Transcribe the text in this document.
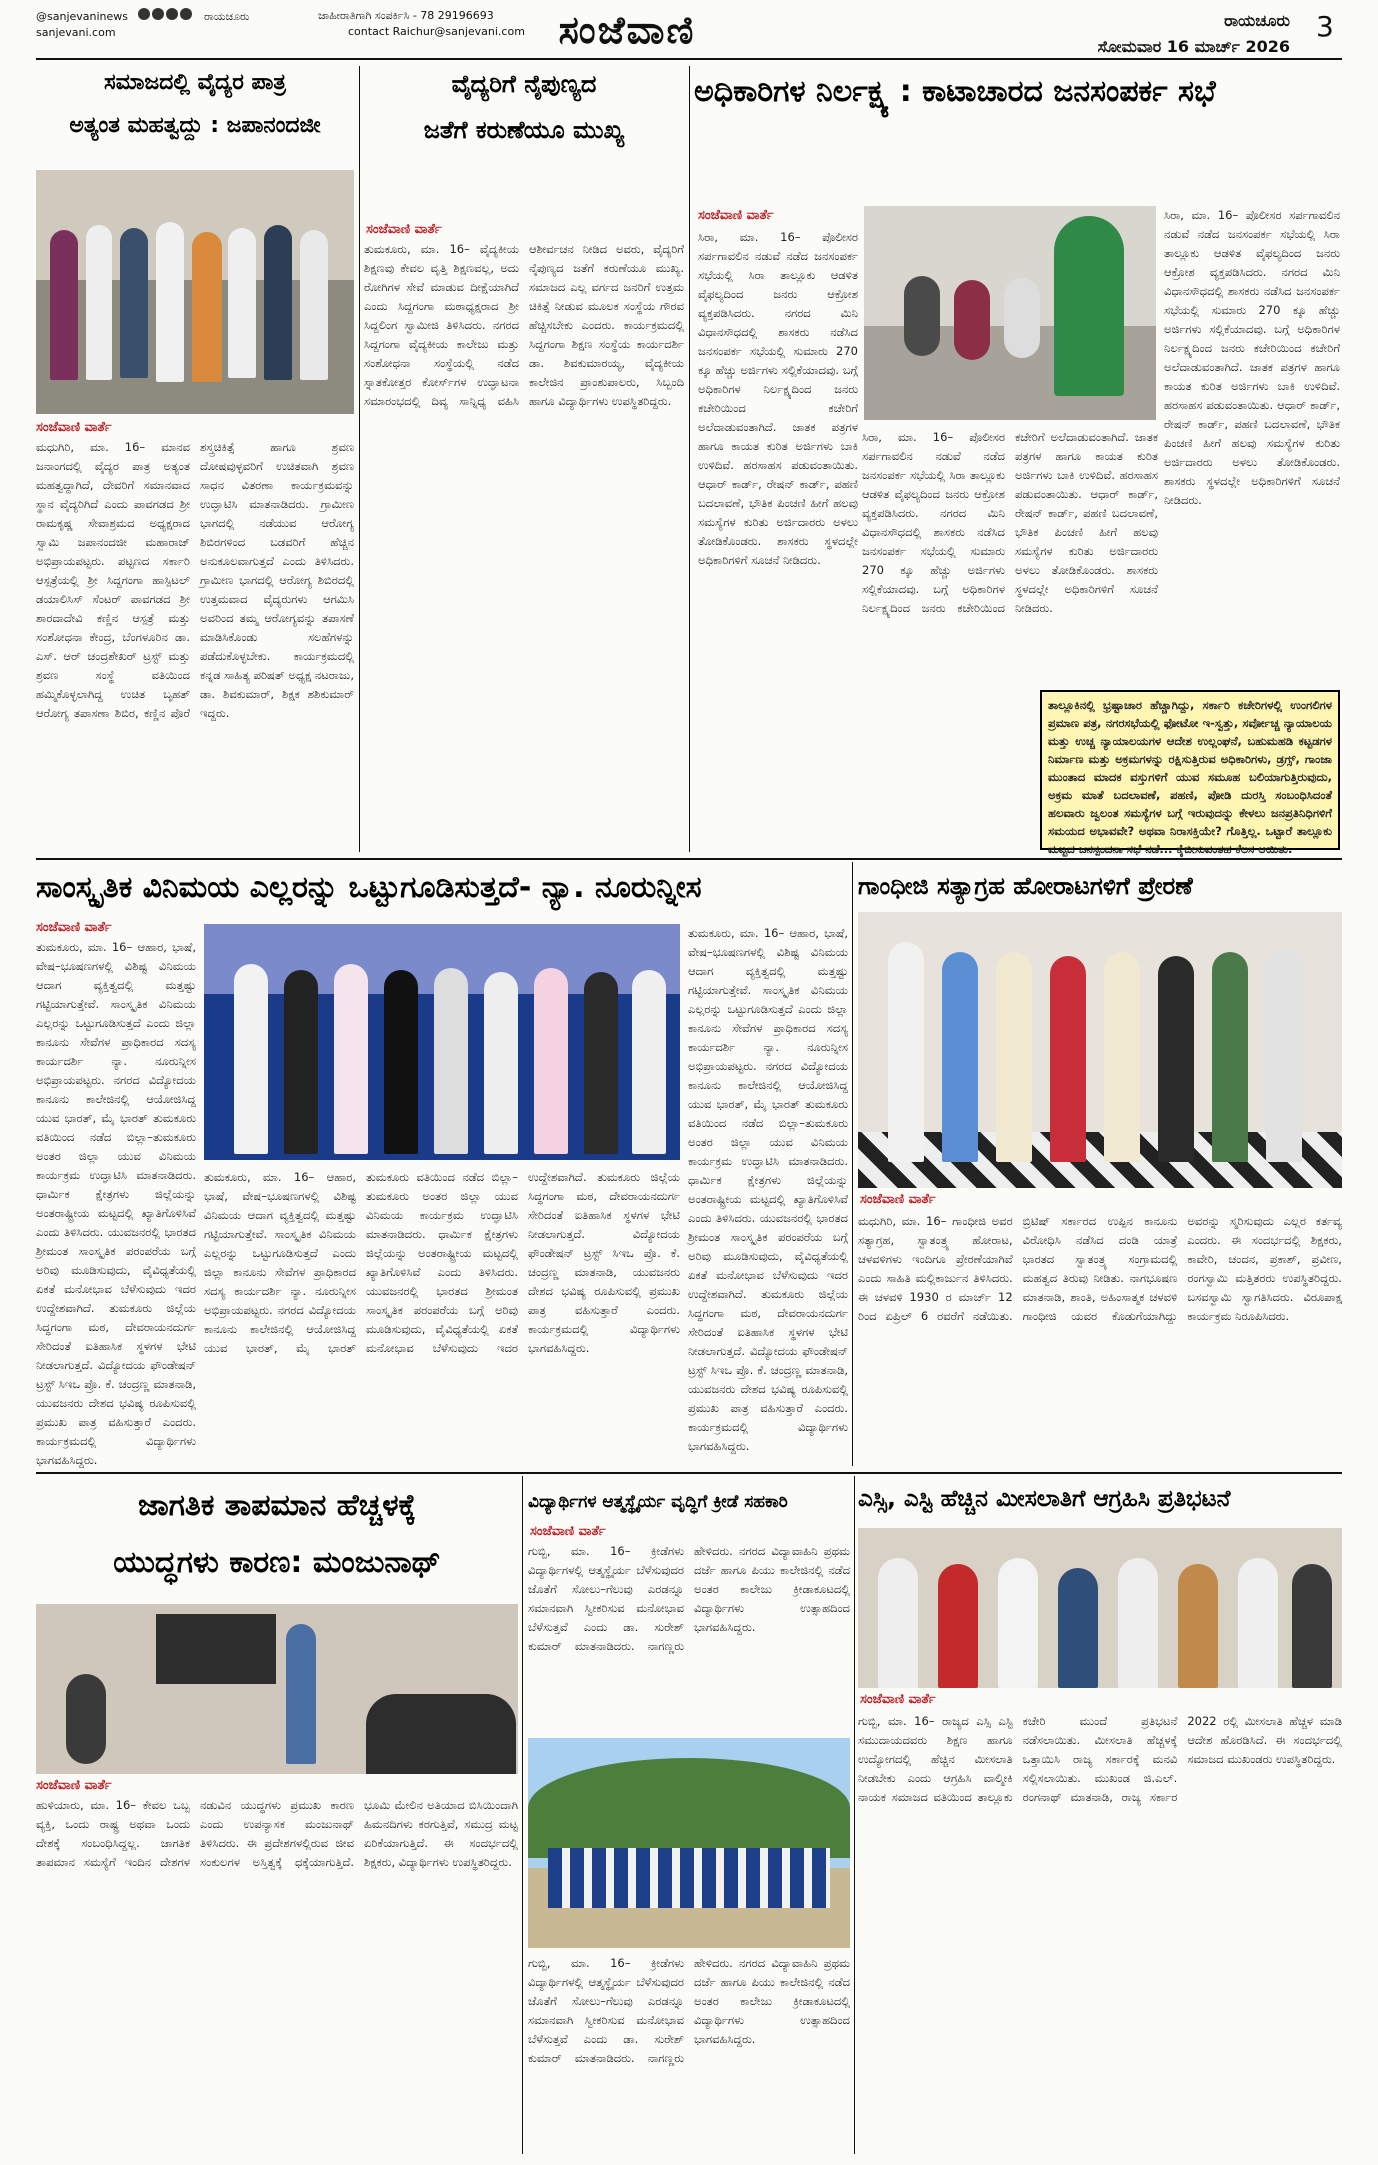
@sanjevaninews	ರಾಯಚೂರು
sanjevani.com
ಜಾಹೀರಾತಿಗಾಗಿ ಸಂಪರ್ಕಿಸಿ - 78 29196693
contact Raichur@sanjevani.com ಸಂಜೆವಾಣಿ	ರಾಯಚೂರು
ಸೋಮವಾರ 16 ಮಾರ್ಚ್ 2026
3
ಸಮಾಜದಲ್ಲಿ ವೈದ್ಯರ ಪಾತ್ರ
ಅತ್ಯಂತ ಮಹತ್ವದ್ದು : ಜಪಾನಂದಜೀ
ಸಂಜೆವಾಣಿ ವಾರ್ತೆ
ಮಧುಗಿರಿ, ಮಾ. 16– ಮಾನವ ಜನಾಂಗದಲ್ಲಿ ವೈದ್ಯರ ಪಾತ್ರ ಅತ್ಯಂತ ಮಹತ್ವದ್ದಾಗಿದೆ, ದೇವರಿಗೆ ಸಮಾನವಾದ ಸ್ಥಾನ ವೈದ್ಯರಿಗಿದೆ ಎಂದು ಪಾವಗಡದ ಶ್ರೀ ರಾಮಕೃಷ್ಣ ಸೇವಾಶ್ರಮದ ಅಧ್ಯಕ್ಷರಾದ ಸ್ವಾಮಿ ಜಪಾನಂದಜೀ ಮಹಾರಾಜ್ ಅಭಿಪ್ರಾಯಪಟ್ಟರು. ಪಟ್ಟಣದ ಸರ್ಕಾರಿ ಆಸ್ಪತ್ರೆಯಲ್ಲಿ ಶ್ರೀ ಸಿದ್ದಗಂಗಾ ಹಾಸ್ಪಿಟಲ್ ಡಯಾಲಿಸಿಸ್ ಸೆಂಟರ್ ಪಾವಗಡದ ಶ್ರೀ ಶಾರದಾದೇವಿ ಕಣ್ಣಿನ ಆಸ್ಪತ್ರೆ ಮತ್ತು ಸಂಶೋಧನಾ ಕೇಂದ್ರ, ಬೆಂಗಳೂರಿನ ಡಾ. ಎಸ್. ಆರ್ ಚಂದ್ರಶೇಖರ್ ಟ್ರಸ್ಟ್ ಮತ್ತು ಶ್ರವಣ ಸಂಸ್ಥೆ ವತಿಯಿಂದ ಹಮ್ಮಿಕೊಳ್ಳಲಾಗಿದ್ದ ಉಚಿತ ಬೃಹತ್ ಆರೋಗ್ಯ ತಪಾಸಣಾ ಶಿಬಿರ, ಕಣ್ಣಿನ ಪೊರೆ ಶಸ್ತ್ರಚಿಕಿತ್ಸೆ ಹಾಗೂ ಶ್ರವಣ ದೋಷವುಳ್ಳವರಿಗೆ ಉಚಿತವಾಗಿ ಶ್ರವಣ ಸಾಧನ ವಿತರಣಾ ಕಾರ್ಯಕ್ರಮವನ್ನು ಉದ್ಘಾಟಿಸಿ ಮಾತನಾಡಿದರು. ಗ್ರಾಮೀಣ ಭಾಗದಲ್ಲಿ ನಡೆಯುವ ಆರೋಗ್ಯ ಶಿಬಿರಗಳಿಂದ ಬಡವರಿಗೆ ಹೆಚ್ಚಿನ ಅನುಕೂಲವಾಗುತ್ತದೆ ಎಂದು ತಿಳಿಸಿದರು. ಗ್ರಾಮೀಣ ಭಾಗದಲ್ಲಿ ಆರೋಗ್ಯ ಶಿಬಿರದಲ್ಲಿ ಉತ್ತಮವಾದ ವೈದ್ಯರುಗಳು ಆಗಮಿಸಿ ಅವರಿಂದ ತಮ್ಮ ಆರೋಗ್ಯವನ್ನು ತಪಾಸಣೆ ಮಾಡಿಸಿಕೊಂಡು ಸಲಹೆಗಳನ್ನು ಪಡೆದುಕೊಳ್ಳಬೇಕು. ಕಾರ್ಯಕ್ರಮದಲ್ಲಿ ಕನ್ನಡ ಸಾಹಿತ್ಯ ಪರಿಷತ್ ಅಧ್ಯಕ್ಷ ನಟರಾಜು, ಡಾ. ಶಿವಕುಮಾರ್, ಶಿಕ್ಷಕ ಶಶಿಕುಮಾರ್ ಇದ್ದರು.
ವೈದ್ಯರಿಗೆ ನೈಪುಣ್ಯದ
ಜತೆಗೆ ಕರುಣೆಯೂ ಮುಖ್ಯ
ಸಂಜೆವಾಣಿ ವಾರ್ತೆ
ತುಮಕೂರು, ಮಾ. 16– ವೈದ್ಯಕೀಯ ಶಿಕ್ಷಣವು ಕೇವಲ ವೃತ್ತಿ ಶಿಕ್ಷಣವಲ್ಲ, ಅದು ರೋಗಿಗಳ ಸೇವೆ ಮಾಡುವ ದೀಕ್ಷೆಯಾಗಿದೆ ಎಂದು ಸಿದ್ದಗಂಗಾ ಮಠಾಧ್ಯಕ್ಷರಾದ ಶ್ರೀ ಸಿದ್ದಲಿಂಗ ಸ್ವಾಮೀಜಿ ತಿಳಿಸಿದರು. ನಗರದ ಸಿದ್ದಗಂಗಾ ವೈದ್ಯಕೀಯ ಕಾಲೇಜು ಮತ್ತು ಸಂಶೋಧನಾ ಸಂಸ್ಥೆಯಲ್ಲಿ ನಡೆದ ಸ್ನಾತಕೋತ್ತರ ಕೋರ್ಸ್‌ಗಳ ಉದ್ಘಾಟನಾ ಸಮಾರಂಭದಲ್ಲಿ ದಿವ್ಯ ಸಾನ್ನಿಧ್ಯ ವಹಿಸಿ ಆಶೀರ್ವಚನ ನೀಡಿದ ಅವರು, ವೈದ್ಯರಿಗೆ ನೈಪುಣ್ಯದ ಜತೆಗೆ ಕರುಣೆಯೂ ಮುಖ್ಯ. ಸಮಾಜದ ಎಲ್ಲ ವರ್ಗದ ಜನರಿಗೆ ಉತ್ತಮ ಚಿಕಿತ್ಸೆ ನೀಡುವ ಮೂಲಕ ಸಂಸ್ಥೆಯ ಗೌರವ ಹೆಚ್ಚಿಸಬೇಕು ಎಂದರು. ಕಾರ್ಯಕ್ರಮದಲ್ಲಿ ಸಿದ್ದಗಂಗಾ ಶಿಕ್ಷಣ ಸಂಸ್ಥೆಯ ಕಾರ್ಯದರ್ಶಿ ಡಾ. ಶಿವಕುಮಾರಯ್ಯ, ವೈದ್ಯಕೀಯ ಕಾಲೇಜಿನ ಪ್ರಾಂಶುಪಾಲರು, ಸಿಬ್ಬಂದಿ ಹಾಗೂ ವಿದ್ಯಾರ್ಥಿಗಳು ಉಪಸ್ಥಿತರಿದ್ದರು.
ಅಧಿಕಾರಿಗಳ ನಿರ್ಲಕ್ಷ್ಯ : ಕಾಟಾಚಾರದ ಜನಸಂಪರ್ಕ ಸಭೆ
ಸಂಜೆವಾಣಿ ವಾರ್ತೆ
ಸಿರಾ, ಮಾ. 16– ಪೊಲೀಸರ ಸರ್ಪಗಾವಲಿನ ನಡುವೆ ನಡೆದ ಜನಸಂಪರ್ಕ ಸಭೆಯಲ್ಲಿ ಸಿರಾ ತಾಲ್ಲೂಕು ಆಡಳಿತ ವೈಫಲ್ಯದಿಂದ ಜನರು ಆಕ್ರೋಶ ವ್ಯಕ್ತಪಡಿಸಿದರು. ನಗರದ ಮಿನಿ ವಿಧಾನಸೌಧದಲ್ಲಿ ಶಾಸಕರು ನಡೆಸಿದ ಜನಸಂಪರ್ಕ ಸಭೆಯಲ್ಲಿ ಸುಮಾರು 270 ಕ್ಕೂ ಹೆಚ್ಚು ಅರ್ಜಿಗಳು ಸಲ್ಲಿಕೆಯಾದವು. ಬಗ್ಗೆ ಅಧಿಕಾರಿಗಳ ನಿರ್ಲಕ್ಷ್ಯದಿಂದ ಜನರು ಕಚೇರಿಯಿಂದ ಕಚೇರಿಗೆ ಅಲೆದಾಡುವಂತಾಗಿದೆ. ಜಾತಕ ಪತ್ರಗಳ ಹಾಗೂ ಕಾಯತ ಕುರಿತ ಅರ್ಜಿಗಳು ಬಾಕಿ ಉಳಿದಿವೆ. ಹರಸಾಹಸ ಪಡುವಂತಾಯಿತು. ಆಧಾರ್ ಕಾರ್ಡ್, ರೇಷನ್ ಕಾರ್ಡ್, ಪಹಣಿ ಬದಲಾವಣೆ, ಭೌತಿಕ ಪಿಂಚಣಿ ಹೀಗೆ ಹಲವು ಸಮಸ್ಯೆಗಳ ಕುರಿತು ಅರ್ಜಿದಾರರು ಅಳಲು ತೋಡಿಕೊಂಡರು. ಶಾಸಕರು ಸ್ಥಳದಲ್ಲೇ ಅಧಿಕಾರಿಗಳಿಗೆ ಸೂಚನೆ ನೀಡಿದರು.
ಸಿರಾ, ಮಾ. 16– ಪೊಲೀಸರ ಸರ್ಪಗಾವಲಿನ ನಡುವೆ ನಡೆದ ಜನಸಂಪರ್ಕ ಸಭೆಯಲ್ಲಿ ಸಿರಾ ತಾಲ್ಲೂಕು ಆಡಳಿತ ವೈಫಲ್ಯದಿಂದ ಜನರು ಆಕ್ರೋಶ ವ್ಯಕ್ತಪಡಿಸಿದರು. ನಗರದ ಮಿನಿ ವಿಧಾನಸೌಧದಲ್ಲಿ ಶಾಸಕರು ನಡೆಸಿದ ಜನಸಂಪರ್ಕ ಸಭೆಯಲ್ಲಿ ಸುಮಾರು 270 ಕ್ಕೂ ಹೆಚ್ಚು ಅರ್ಜಿಗಳು ಸಲ್ಲಿಕೆಯಾದವು. ಬಗ್ಗೆ ಅಧಿಕಾರಿಗಳ ನಿರ್ಲಕ್ಷ್ಯದಿಂದ ಜನರು ಕಚೇರಿಯಿಂದ ಕಚೇರಿಗೆ ಅಲೆದಾಡುವಂತಾಗಿದೆ. ಜಾತಕ ಪತ್ರಗಳ ಹಾಗೂ ಕಾಯತ ಕುರಿತ ಅರ್ಜಿಗಳು ಬಾಕಿ ಉಳಿದಿವೆ. ಹರಸಾಹಸ ಪಡುವಂತಾಯಿತು. ಆಧಾರ್ ಕಾರ್ಡ್, ರೇಷನ್ ಕಾರ್ಡ್, ಪಹಣಿ ಬದಲಾವಣೆ, ಭೌತಿಕ ಪಿಂಚಣಿ ಹೀಗೆ ಹಲವು ಸಮಸ್ಯೆಗಳ ಕುರಿತು ಅರ್ಜಿದಾರರು ಅಳಲು ತೋಡಿಕೊಂಡರು. ಶಾಸಕರು ಸ್ಥಳದಲ್ಲೇ ಅಧಿಕಾರಿಗಳಿಗೆ ಸೂಚನೆ ನೀಡಿದರು.
ಸಿರಾ, ಮಾ. 16– ಪೊಲೀಸರ ಸರ್ಪಗಾವಲಿನ ನಡುವೆ ನಡೆದ ಜನಸಂಪರ್ಕ ಸಭೆಯಲ್ಲಿ ಸಿರಾ ತಾಲ್ಲೂಕು ಆಡಳಿತ ವೈಫಲ್ಯದಿಂದ ಜನರು ಆಕ್ರೋಶ ವ್ಯಕ್ತಪಡಿಸಿದರು. ನಗರದ ಮಿನಿ ವಿಧಾನಸೌಧದಲ್ಲಿ ಶಾಸಕರು ನಡೆಸಿದ ಜನಸಂಪರ್ಕ ಸಭೆಯಲ್ಲಿ ಸುಮಾರು 270 ಕ್ಕೂ ಹೆಚ್ಚು ಅರ್ಜಿಗಳು ಸಲ್ಲಿಕೆಯಾದವು. ಬಗ್ಗೆ ಅಧಿಕಾರಿಗಳ ನಿರ್ಲಕ್ಷ್ಯದಿಂದ ಜನರು ಕಚೇರಿಯಿಂದ ಕಚೇರಿಗೆ ಅಲೆದಾಡುವಂತಾಗಿದೆ. ಜಾತಕ ಪತ್ರಗಳ ಹಾಗೂ ಕಾಯತ ಕುರಿತ ಅರ್ಜಿಗಳು ಬಾಕಿ ಉಳಿದಿವೆ. ಹರಸಾಹಸ ಪಡುವಂತಾಯಿತು. ಆಧಾರ್ ಕಾರ್ಡ್, ರೇಷನ್ ಕಾರ್ಡ್, ಪಹಣಿ ಬದಲಾವಣೆ, ಭೌತಿಕ ಪಿಂಚಣಿ ಹೀಗೆ ಹಲವು ಸಮಸ್ಯೆಗಳ ಕುರಿತು ಅರ್ಜಿದಾರರು ಅಳಲು ತೋಡಿಕೊಂಡರು. ಶಾಸಕರು ಸ್ಥಳದಲ್ಲೇ ಅಧಿಕಾರಿಗಳಿಗೆ ಸೂಚನೆ ನೀಡಿದರು.
ತಾಲ್ಲೂಕಿನಲ್ಲಿ ಭ್ರಷ್ಟಾಚಾರ ಹೆಚ್ಚಾಗಿದ್ದು, ಸರ್ಕಾರಿ ಕಚೇರಿಗಳಲ್ಲಿ ಉಂಗಲಿಗಳ ಪ್ರಮಾಣ ಪತ್ರ, ನಗರಸಭೆಯಲ್ಲಿ ಫೋಟೋ ಇ-ಸ್ವತ್ತು, ಸರ್ವೋಚ್ಚ ನ್ಯಾಯಾಲಯ ಮತ್ತು ಉಚ್ಚ ನ್ಯಾಯಾಲಯಗಳ ಆದೇಶ ಉಲ್ಲಂಘನೆ, ಬಹುಮಹಡಿ ಕಟ್ಟಡಗಳ ನಿರ್ಮಾಣ ಮತ್ತು ಅಕ್ರಮಗಳನ್ನು ರಕ್ಷಿಸುತ್ತಿರುವ ಅಧಿಕಾರಿಗಳು, ಡ್ರಗ್ಸ್, ಗಾಂಜಾ ಮುಂತಾದ ಮಾದಕ ವಸ್ತುಗಳಿಗೆ ಯುವ ಸಮೂಹ ಬಲಿಯಾಗುತ್ತಿರುವುದು, ಅಕ್ರಮ ಮಾತೆ ಬದಲಾವಣೆ, ಪಹಣಿ, ಪೋಡಿ ದುರಸ್ತಿ ಸಂಬಂಧಿಸಿದಂತೆ ಹಲವಾರು ಜ್ವಲಂತ ಸಮಸ್ಯೆಗಳ ಬಗ್ಗೆ ಇರುವುದನ್ನು ಕೇಳಲು ಜನಪ್ರತಿನಿಧಿಗಳಿಗೆ ಸಮಯದ ಅಭಾವವೇ? ಅಥವಾ ನಿರಾಸಕ್ತಿಯೇ? ಗೊತ್ತಿಲ್ಲ. ಒಟ್ಟಾರೆ ತಾಲ್ಲೂಕು ಮಟ್ಟದ ಜನಸ್ಪಂದನಾ ಸಭೆ ನಡೆ... ಕೈಬೀಸುವಂತಹ ಕೆಲಸ ಆಯಿತು.
ಸಾಂಸ್ಕೃತಿಕ ವಿನಿಮಯ ಎಲ್ಲರನ್ನು ಒಟ್ಟುಗೂಡಿಸುತ್ತದೆ- ನ್ಯಾ. ನೂರುನ್ನೀಸ
ಸಂಜೆವಾಣಿ ವಾರ್ತೆ
ತುಮಕೂರು, ಮಾ. 16– ಆಹಾರ, ಭಾಷೆ, ವೇಷ–ಭೂಷಣಗಳಲ್ಲಿ ವಿಶಿಷ್ಟ ವಿನಿಮಯ ಆದಾಗ ವ್ಯಕ್ತಿತ್ವದಲ್ಲಿ ಮತ್ತಷ್ಟು ಗಟ್ಟಿಯಾಗುತ್ತೇವೆ. ಸಾಂಸ್ಕೃತಿಕ ವಿನಿಮಯ ಎಲ್ಲರನ್ನು ಒಟ್ಟುಗೂಡಿಸುತ್ತದೆ ಎಂದು ಜಿಲ್ಲಾ ಕಾನೂನು ಸೇವೆಗಳ ಪ್ರಾಧಿಕಾರದ ಸದಸ್ಯ ಕಾರ್ಯದರ್ಶಿ ನ್ಯಾ. ನೂರುನ್ನೀಸ ಅಭಿಪ್ರಾಯಪಟ್ಟರು. ನಗರದ ವಿದ್ಯೋದಯ ಕಾನೂನು ಕಾಲೇಜಿನಲ್ಲಿ ಆಯೋಜಿಸಿದ್ದ ಯುವ ಭಾರತ್, ಮೈ ಭಾರತ್ ತುಮಕೂರು ವತಿಯಿಂದ ನಡೆದ ಬಿಲ್ಲಾ–ತುಮಕೂರು ಅಂತರ ಜಿಲ್ಲಾ ಯುವ ವಿನಿಮಯ ಕಾರ್ಯಕ್ರಮ ಉದ್ಘಾಟಿಸಿ ಮಾತನಾಡಿದರು. ಧಾರ್ಮಿಕ ಕ್ಷೇತ್ರಗಳು ಜಿಲ್ಲೆಯನ್ನು ಅಂತರಾಷ್ಟ್ರೀಯ ಮಟ್ಟದಲ್ಲಿ ಖ್ಯಾತಿಗೊಳಿಸಿವೆ ಎಂದು ತಿಳಿಸಿದರು. ಯುವಜನರಲ್ಲಿ ಭಾರತದ ಶ್ರೀಮಂತ ಸಾಂಸ್ಕೃತಿಕ ಪರಂಪರೆಯ ಬಗ್ಗೆ ಅರಿವು ಮೂಡಿಸುವುದು, ವೈವಿಧ್ಯತೆಯಲ್ಲಿ ಏಕತೆ ಮನೋಭಾವ ಬೆಳೆಸುವುದು ಇದರ ಉದ್ದೇಶವಾಗಿದೆ. ತುಮಕೂರು ಜಿಲ್ಲೆಯ ಸಿದ್ಧಗಂಗಾ ಮಠ, ದೇವರಾಯನದುರ್ಗ ಸೇರಿದಂತೆ ಐತಿಹಾಸಿಕ ಸ್ಥಳಗಳ ಭೇಟಿ ನೀಡಲಾಗುತ್ತದೆ. ವಿದ್ಯೋದಯ ಫೌಂಡೇಷನ್ ಟ್ರಸ್ಟ್ ಸಿಇಒ ಪ್ರೊ. ಕೆ. ಚಂದ್ರಣ್ಣ ಮಾತನಾಡಿ, ಯುವಜನರು ದೇಶದ ಭವಿಷ್ಯ ರೂಪಿಸುವಲ್ಲಿ ಪ್ರಮುಖ ಪಾತ್ರ ವಹಿಸುತ್ತಾರೆ ಎಂದರು. ಕಾರ್ಯಕ್ರಮದಲ್ಲಿ ವಿದ್ಯಾರ್ಥಿಗಳು ಭಾಗವಹಿಸಿದ್ದರು.
ತುಮಕೂರು, ಮಾ. 16– ಆಹಾರ, ಭಾಷೆ, ವೇಷ–ಭೂಷಣಗಳಲ್ಲಿ ವಿಶಿಷ್ಟ ವಿನಿಮಯ ಆದಾಗ ವ್ಯಕ್ತಿತ್ವದಲ್ಲಿ ಮತ್ತಷ್ಟು ಗಟ್ಟಿಯಾಗುತ್ತೇವೆ. ಸಾಂಸ್ಕೃತಿಕ ವಿನಿಮಯ ಎಲ್ಲರನ್ನು ಒಟ್ಟುಗೂಡಿಸುತ್ತದೆ ಎಂದು ಜಿಲ್ಲಾ ಕಾನೂನು ಸೇವೆಗಳ ಪ್ರಾಧಿಕಾರದ ಸದಸ್ಯ ಕಾರ್ಯದರ್ಶಿ ನ್ಯಾ. ನೂರುನ್ನೀಸ ಅಭಿಪ್ರಾಯಪಟ್ಟರು. ನಗರದ ವಿದ್ಯೋದಯ ಕಾನೂನು ಕಾಲೇಜಿನಲ್ಲಿ ಆಯೋಜಿಸಿದ್ದ ಯುವ ಭಾರತ್, ಮೈ ಭಾರತ್ ತುಮಕೂರು ವತಿಯಿಂದ ನಡೆದ ಬಿಲ್ಲಾ–ತುಮಕೂರು ಅಂತರ ಜಿಲ್ಲಾ ಯುವ ವಿನಿಮಯ ಕಾರ್ಯಕ್ರಮ ಉದ್ಘಾಟಿಸಿ ಮಾತನಾಡಿದರು. ಧಾರ್ಮಿಕ ಕ್ಷೇತ್ರಗಳು ಜಿಲ್ಲೆಯನ್ನು ಅಂತರಾಷ್ಟ್ರೀಯ ಮಟ್ಟದಲ್ಲಿ ಖ್ಯಾತಿಗೊಳಿಸಿವೆ ಎಂದು ತಿಳಿಸಿದರು. ಯುವಜನರಲ್ಲಿ ಭಾರತದ ಶ್ರೀಮಂತ ಸಾಂಸ್ಕೃತಿಕ ಪರಂಪರೆಯ ಬಗ್ಗೆ ಅರಿವು ಮೂಡಿಸುವುದು, ವೈವಿಧ್ಯತೆಯಲ್ಲಿ ಏಕತೆ ಮನೋಭಾವ ಬೆಳೆಸುವುದು ಇದರ ಉದ್ದೇಶವಾಗಿದೆ. ತುಮಕೂರು ಜಿಲ್ಲೆಯ ಸಿದ್ಧಗಂಗಾ ಮಠ, ದೇವರಾಯನದುರ್ಗ ಸೇರಿದಂತೆ ಐತಿಹಾಸಿಕ ಸ್ಥಳಗಳ ಭೇಟಿ ನೀಡಲಾಗುತ್ತದೆ. ವಿದ್ಯೋದಯ ಫೌಂಡೇಷನ್ ಟ್ರಸ್ಟ್ ಸಿಇಒ ಪ್ರೊ. ಕೆ. ಚಂದ್ರಣ್ಣ ಮಾತನಾಡಿ, ಯುವಜನರು ದೇಶದ ಭವಿಷ್ಯ ರೂಪಿಸುವಲ್ಲಿ ಪ್ರಮುಖ ಪಾತ್ರ ವಹಿಸುತ್ತಾರೆ ಎಂದರು. ಕಾರ್ಯಕ್ರಮದಲ್ಲಿ ವಿದ್ಯಾರ್ಥಿಗಳು ಭಾಗವಹಿಸಿದ್ದರು.
ತುಮಕೂರು, ಮಾ. 16– ಆಹಾರ, ಭಾಷೆ, ವೇಷ–ಭೂಷಣಗಳಲ್ಲಿ ವಿಶಿಷ್ಟ ವಿನಿಮಯ ಆದಾಗ ವ್ಯಕ್ತಿತ್ವದಲ್ಲಿ ಮತ್ತಷ್ಟು ಗಟ್ಟಿಯಾಗುತ್ತೇವೆ. ಸಾಂಸ್ಕೃತಿಕ ವಿನಿಮಯ ಎಲ್ಲರನ್ನು ಒಟ್ಟುಗೂಡಿಸುತ್ತದೆ ಎಂದು ಜಿಲ್ಲಾ ಕಾನೂನು ಸೇವೆಗಳ ಪ್ರಾಧಿಕಾರದ ಸದಸ್ಯ ಕಾರ್ಯದರ್ಶಿ ನ್ಯಾ. ನೂರುನ್ನೀಸ ಅಭಿಪ್ರಾಯಪಟ್ಟರು. ನಗರದ ವಿದ್ಯೋದಯ ಕಾನೂನು ಕಾಲೇಜಿನಲ್ಲಿ ಆಯೋಜಿಸಿದ್ದ ಯುವ ಭಾರತ್, ಮೈ ಭಾರತ್ ತುಮಕೂರು ವತಿಯಿಂದ ನಡೆದ ಬಿಲ್ಲಾ–ತುಮಕೂರು ಅಂತರ ಜಿಲ್ಲಾ ಯುವ ವಿನಿಮಯ ಕಾರ್ಯಕ್ರಮ ಉದ್ಘಾಟಿಸಿ ಮಾತನಾಡಿದರು. ಧಾರ್ಮಿಕ ಕ್ಷೇತ್ರಗಳು ಜಿಲ್ಲೆಯನ್ನು ಅಂತರಾಷ್ಟ್ರೀಯ ಮಟ್ಟದಲ್ಲಿ ಖ್ಯಾತಿಗೊಳಿಸಿವೆ ಎಂದು ತಿಳಿಸಿದರು. ಯುವಜನರಲ್ಲಿ ಭಾರತದ ಶ್ರೀಮಂತ ಸಾಂಸ್ಕೃತಿಕ ಪರಂಪರೆಯ ಬಗ್ಗೆ ಅರಿವು ಮೂಡಿಸುವುದು, ವೈವಿಧ್ಯತೆಯಲ್ಲಿ ಏಕತೆ ಮನೋಭಾವ ಬೆಳೆಸುವುದು ಇದರ ಉದ್ದೇಶವಾಗಿದೆ. ತುಮಕೂರು ಜಿಲ್ಲೆಯ ಸಿದ್ಧಗಂಗಾ ಮಠ, ದೇವರಾಯನದುರ್ಗ ಸೇರಿದಂತೆ ಐತಿಹಾಸಿಕ ಸ್ಥಳಗಳ ಭೇಟಿ ನೀಡಲಾಗುತ್ತದೆ. ವಿದ್ಯೋದಯ ಫೌಂಡೇಷನ್ ಟ್ರಸ್ಟ್ ಸಿಇಒ ಪ್ರೊ. ಕೆ. ಚಂದ್ರಣ್ಣ ಮಾತನಾಡಿ, ಯುವಜನರು ದೇಶದ ಭವಿಷ್ಯ ರೂಪಿಸುವಲ್ಲಿ ಪ್ರಮುಖ ಪಾತ್ರ ವಹಿಸುತ್ತಾರೆ ಎಂದರು. ಕಾರ್ಯಕ್ರಮದಲ್ಲಿ ವಿದ್ಯಾರ್ಥಿಗಳು ಭಾಗವಹಿಸಿದ್ದರು.
ಗಾಂಧೀಜಿ ಸತ್ಯಾಗ್ರಹ ಹೋರಾಟಗಳಿಗೆ ಪ್ರೇರಣೆ
ಸಂಜೆವಾಣಿ ವಾರ್ತೆ
ಮಧುಗಿರಿ, ಮಾ. 16– ಗಾಂಧೀಜಿ ಅವರ ಸತ್ಯಾಗ್ರಹ, ಸ್ವಾತಂತ್ರ್ಯ ಹೋರಾಟ, ಚಳವಳಿಗಳು ಇಂದಿಗೂ ಪ್ರೇರಣೆಯಾಗಿವೆ ಎಂದು ಸಾಹಿತಿ ಮಲ್ಲಿಕಾರ್ಜುನ ತಿಳಿಸಿದರು. ಈ ಚಳವಳಿ 1930 ರ ಮಾರ್ಚ್ 12 ರಿಂದ ಏಪ್ರಿಲ್ 6 ರವರೆಗೆ ನಡೆಯಿತು. ಬ್ರಿಟಿಷ್ ಸರ್ಕಾರದ ಉಪ್ಪಿನ ಕಾನೂನು ವಿರೋಧಿಸಿ ನಡೆಸಿದ ದಂಡಿ ಯಾತ್ರೆ ಭಾರತದ ಸ್ವಾತಂತ್ರ್ಯ ಸಂಗ್ರಾಮದಲ್ಲಿ ಮಹತ್ವದ ತಿರುವು ನೀಡಿತು. ನಾಗಭೂಷಣ ಮಾತನಾಡಿ, ಶಾಂತಿ, ಅಹಿಂಸಾತ್ಮಕ ಚಳವಳಿ ಗಾಂಧೀಜಿ ಯವರ ಕೊಡುಗೆಯಾಗಿದ್ದು ಅವರನ್ನು ಸ್ಮರಿಸುವುದು ಎಲ್ಲರ ಕರ್ತವ್ಯ ಎಂದರು. ಈ ಸಂದರ್ಭದಲ್ಲಿ ಶಿಕ್ಷಕರು, ಕಾವೇರಿ, ಚಂದನ, ಪ್ರಕಾಶ್, ಪ್ರವೀಣ, ರಂಗಸ್ವಾಮಿ ಮತ್ತಿತರರು ಉಪಸ್ಥಿತರಿದ್ದರು. ಬಸವಸ್ವಾಮಿ ಸ್ವಾಗತಿಸಿದರು. ವಿರೂಪಾಕ್ಷ ಕಾರ್ಯಕ್ರಮ ನಿರೂಪಿಸಿದರು.
ಜಾಗತಿಕ ತಾಪಮಾನ ಹೆಚ್ಚಳಕ್ಕೆ
ಯುದ್ಧಗಳು ಕಾರಣ: ಮಂಜುನಾಥ್
ಸಂಜೆವಾಣಿ ವಾರ್ತೆ
ಹುಳಿಯಾರು, ಮಾ. 16– ಕೇವಲ ಒಬ್ಬ ವ್ಯಕ್ತಿ, ಒಂದು ರಾಷ್ಟ್ರ ಅಥವಾ ಒಂದು ದೇಶಕ್ಕೆ ಸಂಬಂಧಿಸಿದ್ದಲ್ಲ. ಜಾಗತಿಕ ತಾಪಮಾನ ಸಮಸ್ಯೆಗೆ ಇಂದಿನ ದೇಶಗಳ ನಡುವಿನ ಯುದ್ಧಗಳು ಪ್ರಮುಖ ಕಾರಣ ಎಂದು ಉಪನ್ಯಾಸಕ ಮಂಜುನಾಥ್ ತಿಳಿಸಿದರು. ಈ ಪ್ರದೇಶಗಳಲ್ಲಿರುವ ಜೀವ ಸಂಕುಲಗಳ ಅಸ್ತಿತ್ವಕ್ಕೆ ಧಕ್ಕೆಯಾಗುತ್ತಿದೆ. ಭೂಮಿ ಮೇಲಿನ ಅತಿಯಾದ ಬಿಸಿಯಿಂದಾಗಿ ಹಿಮನದಿಗಳು ಕರಗುತ್ತಿವೆ, ಸಮುದ್ರ ಮಟ್ಟ ಏರಿಕೆಯಾಗುತ್ತಿದೆ. ಈ ಸಂದರ್ಭದಲ್ಲಿ ಶಿಕ್ಷಕರು, ವಿದ್ಯಾರ್ಥಿಗಳು ಉಪಸ್ಥಿತರಿದ್ದರು.
ವಿದ್ಯಾರ್ಥಿಗಳ ಆತ್ಮಸ್ಥೈರ್ಯ ವೃದ್ಧಿಗೆ ಕ್ರೀಡೆ ಸಹಕಾರಿ
ಸಂಜೆವಾಣಿ ವಾರ್ತೆ
ಗುಬ್ಬಿ, ಮಾ. 16– ಕ್ರೀಡೆಗಳು ವಿದ್ಯಾರ್ಥಿಗಳಲ್ಲಿ ಆತ್ಮಸ್ಥೈರ್ಯ ಬೆಳೆಸುವುದರ ಜೊತೆಗೆ ಸೋಲು–ಗೆಲುವು ಎರಡನ್ನೂ ಸಮಾನವಾಗಿ ಸ್ವೀಕರಿಸುವ ಮನೋಭಾವ ಬೆಳೆಸುತ್ತವೆ ಎಂದು ಡಾ. ಸುರೇಶ್ ಕುಮಾರ್ ಮಾತನಾಡಿದರು. ನಾಗಣ್ಣರು ಹೇಳಿದರು. ನಗರದ ವಿದ್ಯಾವಾಹಿನಿ ಪ್ರಥಮ ದರ್ಜೆ ಹಾಗೂ ಪಿಯು ಕಾಲೇಜಿನಲ್ಲಿ ನಡೆದ ಅಂತರ ಕಾಲೇಜು ಕ್ರೀಡಾಕೂಟದಲ್ಲಿ ವಿದ್ಯಾರ್ಥಿಗಳು ಉತ್ಸಾಹದಿಂದ ಭಾಗವಹಿಸಿದ್ದರು.
ಗುಬ್ಬಿ, ಮಾ. 16– ಕ್ರೀಡೆಗಳು ವಿದ್ಯಾರ್ಥಿಗಳಲ್ಲಿ ಆತ್ಮಸ್ಥೈರ್ಯ ಬೆಳೆಸುವುದರ ಜೊತೆಗೆ ಸೋಲು–ಗೆಲುವು ಎರಡನ್ನೂ ಸಮಾನವಾಗಿ ಸ್ವೀಕರಿಸುವ ಮನೋಭಾವ ಬೆಳೆಸುತ್ತವೆ ಎಂದು ಡಾ. ಸುರೇಶ್ ಕುಮಾರ್ ಮಾತನಾಡಿದರು. ನಾಗಣ್ಣರು ಹೇಳಿದರು. ನಗರದ ವಿದ್ಯಾವಾಹಿನಿ ಪ್ರಥಮ ದರ್ಜೆ ಹಾಗೂ ಪಿಯು ಕಾಲೇಜಿನಲ್ಲಿ ನಡೆದ ಅಂತರ ಕಾಲೇಜು ಕ್ರೀಡಾಕೂಟದಲ್ಲಿ ವಿದ್ಯಾರ್ಥಿಗಳು ಉತ್ಸಾಹದಿಂದ ಭಾಗವಹಿಸಿದ್ದರು.
ಎಸ್ಸಿ, ಎಸ್ಟಿ ಹೆಚ್ಚಿನ ಮೀಸಲಾತಿಗೆ ಆಗ್ರಹಿಸಿ ಪ್ರತಿಭಟನೆ
ಸಂಜೆವಾಣಿ ವಾರ್ತೆ
ಗುಬ್ಬಿ, ಮಾ. 16– ರಾಜ್ಯದ ಎಸ್ಸಿ ಎಸ್ಟಿ ಸಮುದಾಯದವರು ಶಿಕ್ಷಣ ಹಾಗೂ ಉದ್ಯೋಗದಲ್ಲಿ ಹೆಚ್ಚಿನ ಮೀಸಲಾತಿ ನೀಡಬೇಕು ಎಂದು ಆಗ್ರಹಿಸಿ ವಾಲ್ಮೀಕಿ ನಾಯಕ ಸಮಾಜದ ವತಿಯಿಂದ ತಾಲ್ಲೂಕು ಕಚೇರಿ ಮುಂದೆ ಪ್ರತಿಭಟನೆ ನಡೆಸಲಾಯಿತು. ಮೀಸಲಾತಿ ಹೆಚ್ಚಳಕ್ಕೆ ಒತ್ತಾಯಿಸಿ ರಾಜ್ಯ ಸರ್ಕಾರಕ್ಕೆ ಮನವಿ ಸಲ್ಲಿಸಲಾಯಿತು. ಮುಖಂಡ ಜಿ.ಎಲ್. ರಂಗನಾಥ್ ಮಾತನಾಡಿ, ರಾಜ್ಯ ಸರ್ಕಾರ 2022 ರಲ್ಲಿ ಮೀಸಲಾತಿ ಹೆಚ್ಚಳ ಮಾಡಿ ಆದೇಶ ಹೊರಡಿಸಿದೆ. ಈ ಸಂದರ್ಭದಲ್ಲಿ ಸಮಾಜದ ಮುಖಂಡರು ಉಪಸ್ಥಿತರಿದ್ದರು.
